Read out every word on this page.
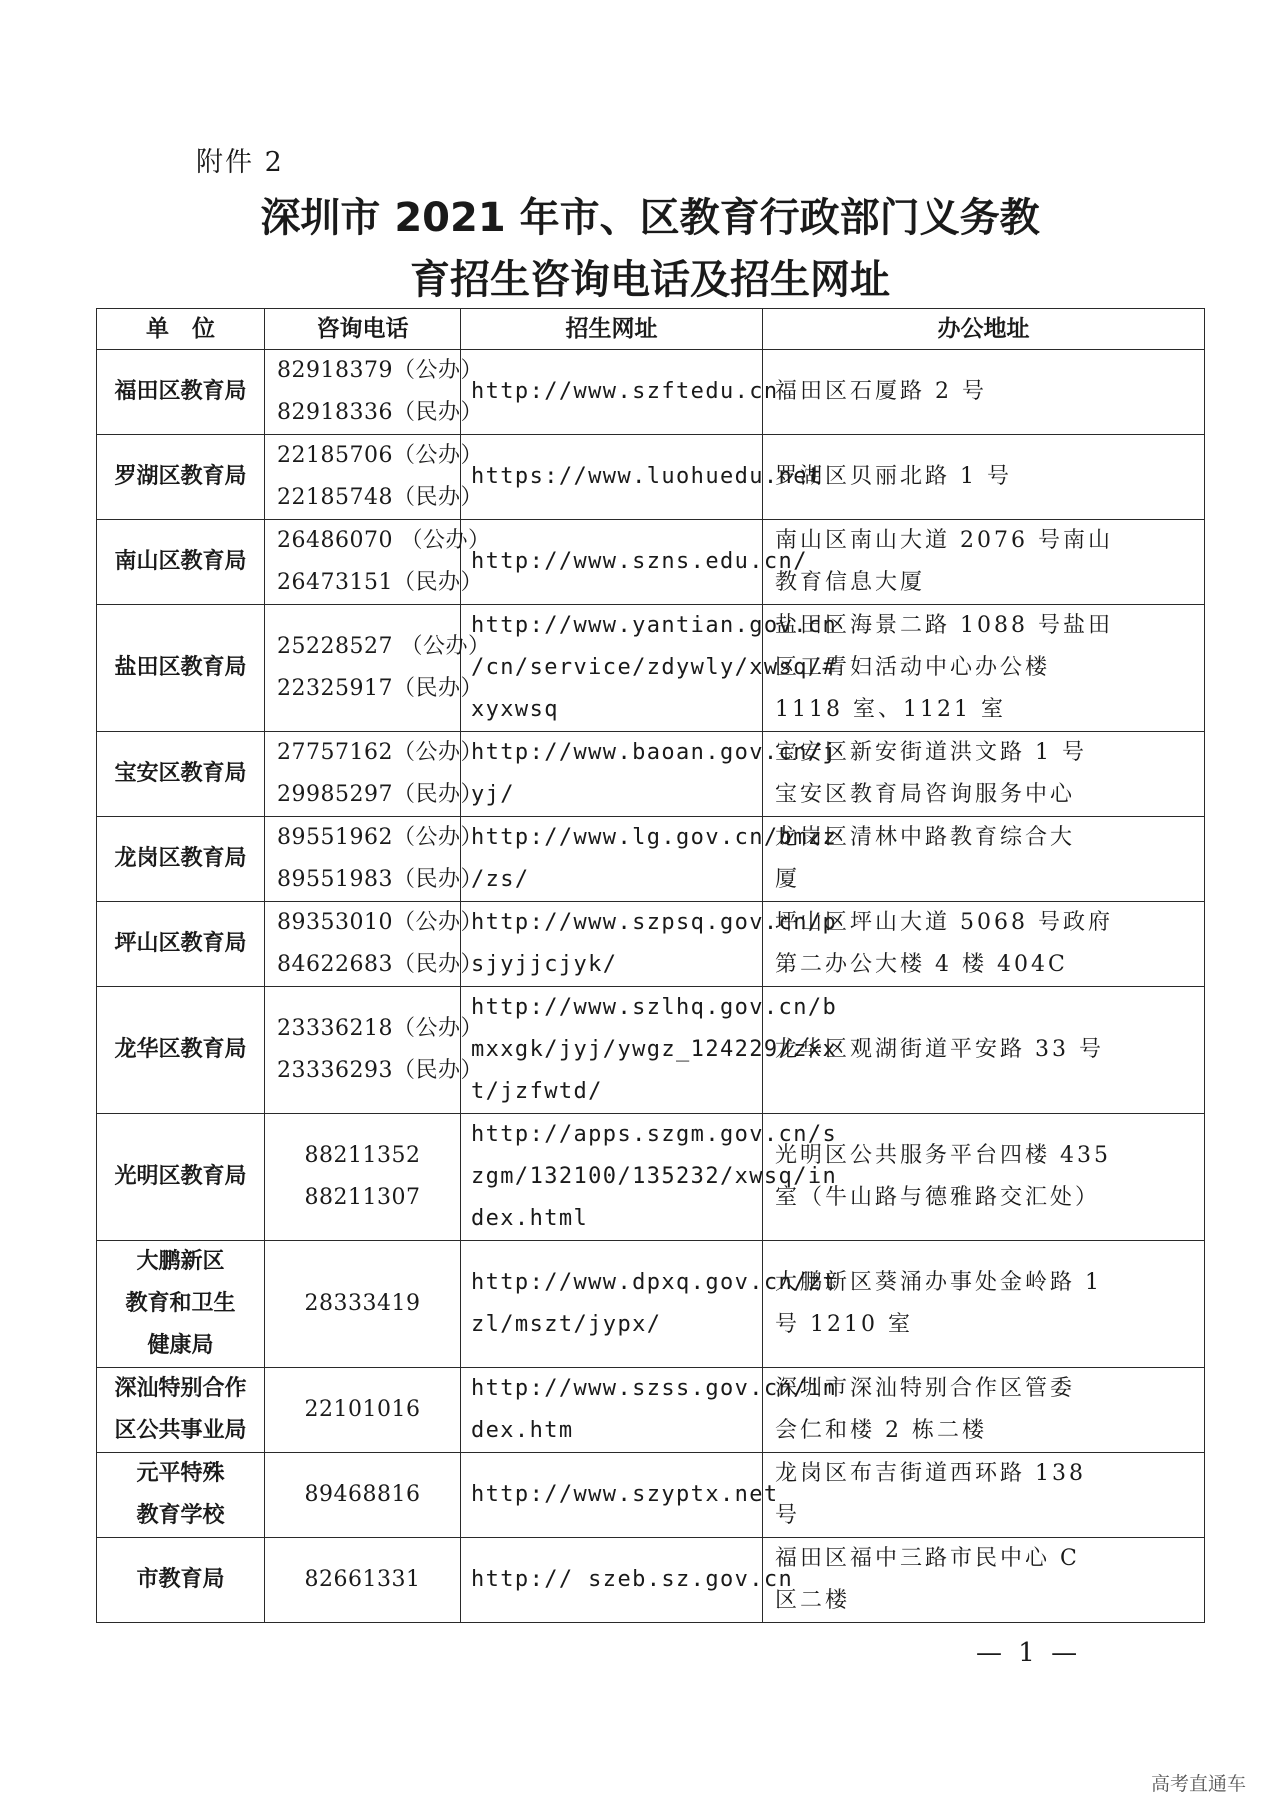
附件 2
深圳市 2021 年市、区教育行政部门义务教
育招生咨询电话及招生网址
单　位	咨询电话	招生网址	办公地址

福田区教育局	82918379（公办）
82918336（民办）	http://www.szftedu.cn	福田区石厦路 2 号

罗湖区教育局	22185706（公办）
22185748（民办）	https://www.luohuedu.net	罗湖区贝丽北路 1 号

南山区教育局	26486070 （公办）
26473151（民办）	http://www.szns.edu.cn/	南山区南山大道 2076 号南山
教育信息大厦

盐田区教育局	25228527 （公办）
22325917（民办）	http://www.yantian.gov.cn
/cn/service/zdywly/xwsq/#
xyxwsq	盐田区海景二路 1088 号盐田
区工青妇活动中心办公楼
1118 室、1121 室

宝安区教育局	27757162（公办）
29985297（民办）	http://www.baoan.gov.cn/j
yj/	宝安区新安街道洪文路 1 号
宝安区教育局咨询服务中心

龙岗区教育局	89551962（公办）
89551983（民办）	http://www.lg.gov.cn/bmzz
/zs/	龙岗区清林中路教育综合大
厦

坪山区教育局	89353010（公办）
84622683（民办）	http://www.szpsq.gov.cn/p
sjyjjcjyk/	坪山区坪山大道 5068 号政府
第二办公大楼 4 楼 404C

龙华区教育局	23336218（公办）
23336293（民办）	http://www.szlhq.gov.cn/b
mxxgk/jyj/ywgz_124229/zxx
t/jzfwtd/	龙华区观湖街道平安路 33 号

光明区教育局	88211352
88211307	http://apps.szgm.gov.cn/s
zgm/132100/135232/xwsq/in
dex.html	光明区公共服务平台四楼 435
室（牛山路与德雅路交汇处）

大鹏新区
教育和卫生
健康局	28333419	http://www.dpxq.gov.cn/zt
zl/mszt/jypx/	大鹏新区葵涌办事处金岭路 1
号 1210 室

深汕特别合作
区公共事业局	22101016	http://www.szss.gov.cn/in
dex.htm	深圳市深汕特别合作区管委
会仁和楼 2 栋二楼

元平特殊
教育学校	89468816	http://www.szyptx.net	龙岗区布吉街道西环路 138
号

市教育局	82661331	http:// szeb.sz.gov.cn	福田区福中三路市民中心 C
区二楼
— 1 —
高考直通车
